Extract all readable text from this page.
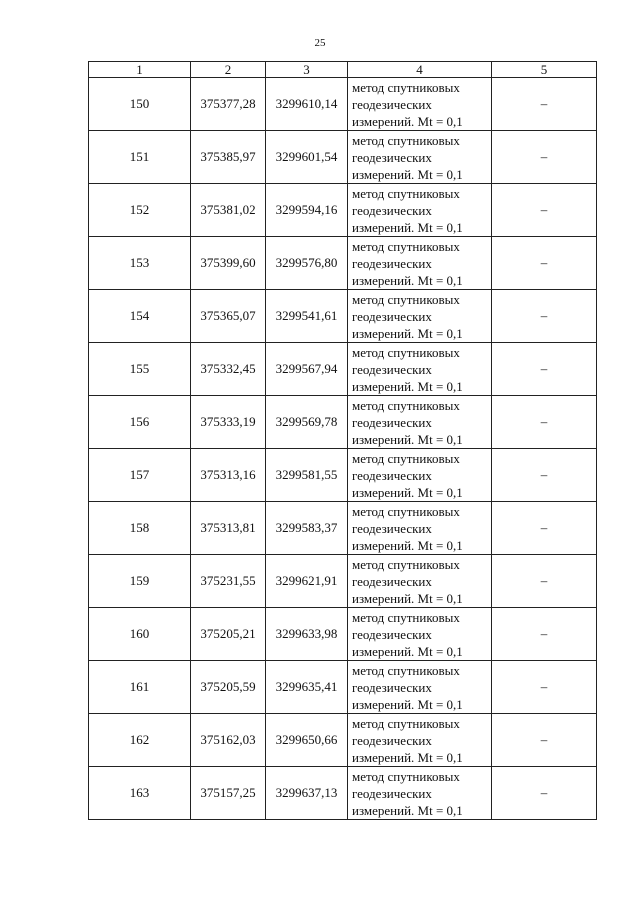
25
1	2	3	4	5
150	375377,28	3299610,14	метод спутниковых
геодезических
измерений. Mt = 0,1	–
151	375385,97	3299601,54	метод спутниковых
геодезических
измерений. Mt = 0,1	–
152	375381,02	3299594,16	метод спутниковых
геодезических
измерений. Mt = 0,1	–
153	375399,60	3299576,80	метод спутниковых
геодезических
измерений. Mt = 0,1	–
154	375365,07	3299541,61	метод спутниковых
геодезических
измерений. Mt = 0,1	–
155	375332,45	3299567,94	метод спутниковых
геодезических
измерений. Mt = 0,1	–
156	375333,19	3299569,78	метод спутниковых
геодезических
измерений. Mt = 0,1	–
157	375313,16	3299581,55	метод спутниковых
геодезических
измерений. Mt = 0,1	–
158	375313,81	3299583,37	метод спутниковых
геодезических
измерений. Mt = 0,1	–
159	375231,55	3299621,91	метод спутниковых
геодезических
измерений. Mt = 0,1	–
160	375205,21	3299633,98	метод спутниковых
геодезических
измерений. Mt = 0,1	–
161	375205,59	3299635,41	метод спутниковых
геодезических
измерений. Mt = 0,1	–
162	375162,03	3299650,66	метод спутниковых
геодезических
измерений. Mt = 0,1	–
163	375157,25	3299637,13	метод спутниковых
геодезических
измерений. Mt = 0,1	–
